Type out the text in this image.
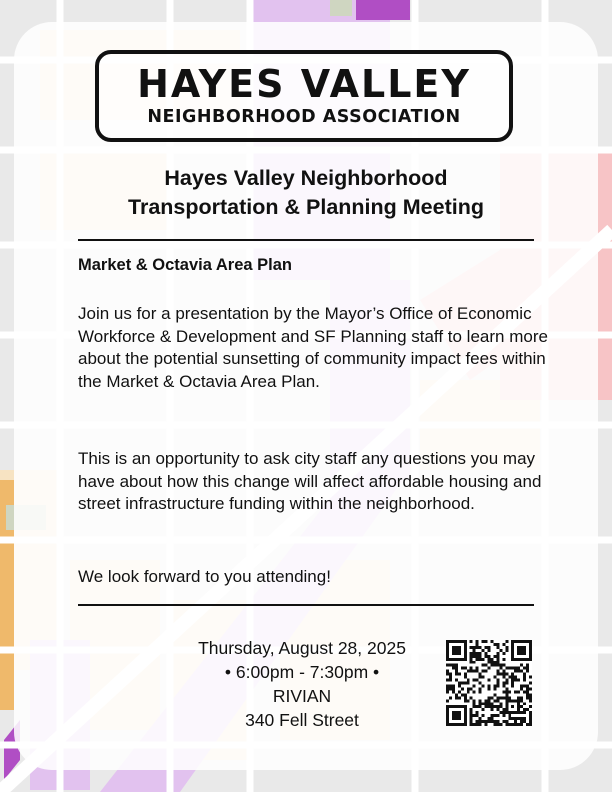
HAYES VALLEY
NEIGHBORHOOD ASSOCIATION
Hayes Valley Neighborhood
Transportation & Planning Meeting

Market & Octavia Area Plan

Join us for a presentation by the Mayor’s Office of Economic Workforce & Development and SF Planning staff to learn more about the potential sunsetting of community impact fees within the Market & Octavia Area Plan.

This is an opportunity to ask city staff any questions you may have about how this change will affect affordable housing and street infrastructure funding within the neighborhood.

We look forward to you attending!

Thursday, August 28, 2025
• 6:00pm - 7:30pm •
RIVIAN
340 Fell Street
